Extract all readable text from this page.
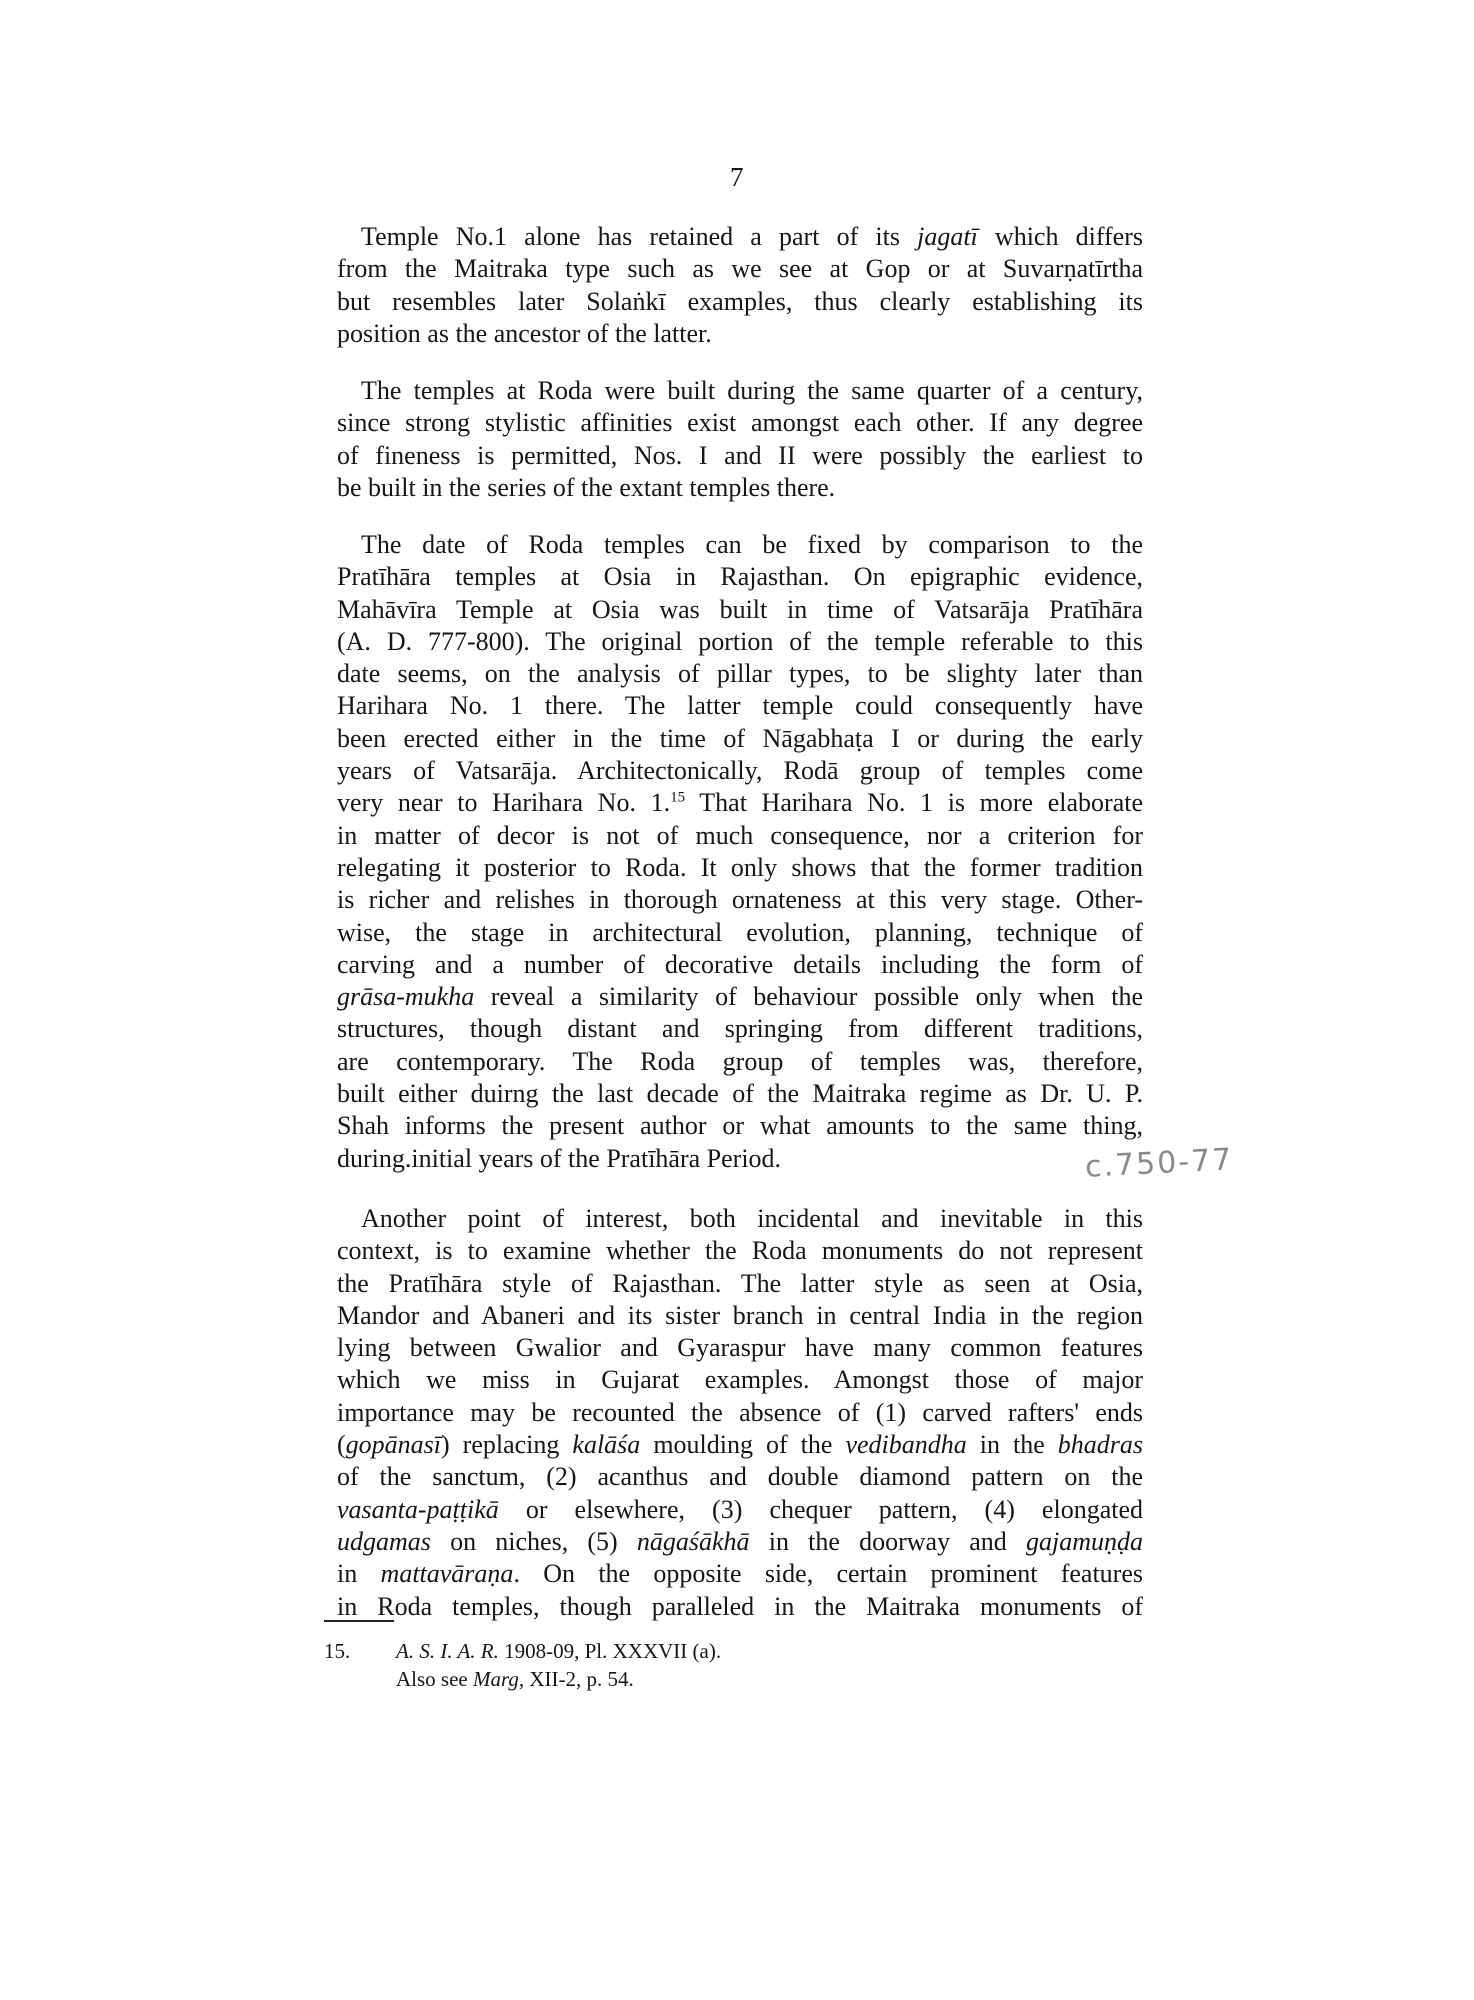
7

Temple No.1 alone has retained a part of its jagatī which differs
from the Maitraka type such as we see at Gop or at Suvarṇatīrtha
but resembles later Solaṅkī examples, thus clearly establishing its
position as the ancestor of the latter.

The temples at Roda were built during the same quarter of a century,
since strong stylistic affinities exist amongst each other. If any degree
of fineness is permitted, Nos. I and II were possibly the earliest to
be built in the series of the extant temples there.

The date of Roda temples can be fixed by comparison to the
Pratīhāra temples at Osia in Rajasthan. On epigraphic evidence,
Mahāvīra Temple at Osia was built in time of Vatsarāja Pratīhāra
(A. D. 777-800). The original portion of the temple referable to this
date seems, on the analysis of pillar types, to be slighty later than
Harihara No. 1 there. The latter temple could consequently have
been erected either in the time of Nāgabhaṭa I or during the early
years of Vatsarāja. Architectonically, Rodā group of temples come
very near to Harihara No. 1.15 That Harihara No. 1 is more elaborate
in matter of decor is not of much consequence, nor a criterion for
relegating it posterior to Roda. It only shows that the former tradition
is richer and relishes in thorough ornateness at this very stage. Other-
wise, the stage in architectural evolution, planning, technique of
carving and a number of decorative details including the form of
grāsa-mukha reveal a similarity of behaviour possible only when the
structures, though distant and springing from different traditions,
are contemporary. The Roda group of temples was, therefore,
built either duirng the last decade of the Maitraka regime as Dr. U. P.
Shah informs the present author or what amounts to the same thing,
during.initial years of the Pratīhāra Period.	c.750-77

Another point of interest, both incidental and inevitable in this
context, is to examine whether the Roda monuments do not represent
the Pratīhāra style of Rajasthan. The latter style as seen at Osia,
Mandor and Abaneri and its sister branch in central India in the region
lying between Gwalior and Gyaraspur have many common features
which we miss in Gujarat examples. Amongst those of major
importance may be recounted the absence of (1) carved rafters' ends
(gopānasī) replacing kalāśa moulding of the vedibandha in the bhadras
of the sanctum, (2) acanthus and double diamond pattern on the
vasanta-paṭṭikā or elsewhere, (3) chequer pattern, (4) elongated
udgamas on niches, (5) nāgaśākhā in the doorway and gajamuṇḍa
in mattavāraṇa. On the opposite side, certain prominent features
in Roda temples, though paralleled in the Maitraka monuments of

15.	A. S. I. A. R. 1908-09, Pl. XXXVII (a).
Also see Marg, XII-2, p. 54.
